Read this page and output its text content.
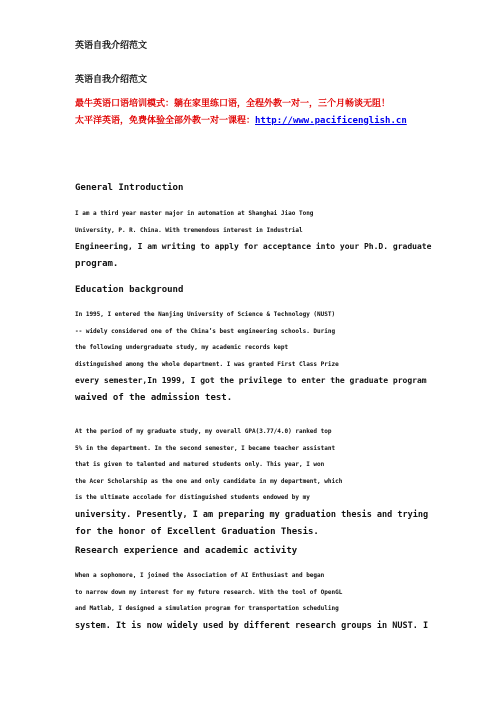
英语自我介绍范文
英语自我介绍范文
最牛英语口语培训模式：躺在家里练口语，全程外教一对一，三个月畅谈无阻！
太平洋英语，免费体验全部外教一对一课程：http://www.pacificenglish.cn
General Introduction
I am a third year master major in automation at Shanghai Jiao Tong
University, P. R. China. With tremendous interest in Industrial
Engineering, I am writing to apply for acceptance into your Ph.D. graduate
program.
Education background
In 1995, I entered the Nanjing University of Science & Technology (NUST)
-- widely considered one of the China’s best engineering schools. During
the following undergraduate study, my academic records kept
distinguished among the whole department. I was granted First Class Prize
every semester,In 1999, I got the privilege to enter the graduate program
waived of the admission test.
At the period of my graduate study, my overall GPA(3.77/4.0) ranked top
5% in the department. In the second semester, I became teacher assistant
that is given to talented and matured students only. This year, I won
the Acer Scholarship as the one and only candidate in my department, which
is the ultimate accolade for distinguished students endowed by my
university. Presently, I am preparing my graduation thesis and trying
for the honor of Excellent Graduation Thesis.
Research experience and academic activity
When a sophomore, I joined the Association of AI Enthusiast and began
to narrow down my interest for my future research. With the tool of OpenGL
and Matlab, I designed a simulation program for transportation scheduling
system. It is now widely used by different research groups in NUST. I
